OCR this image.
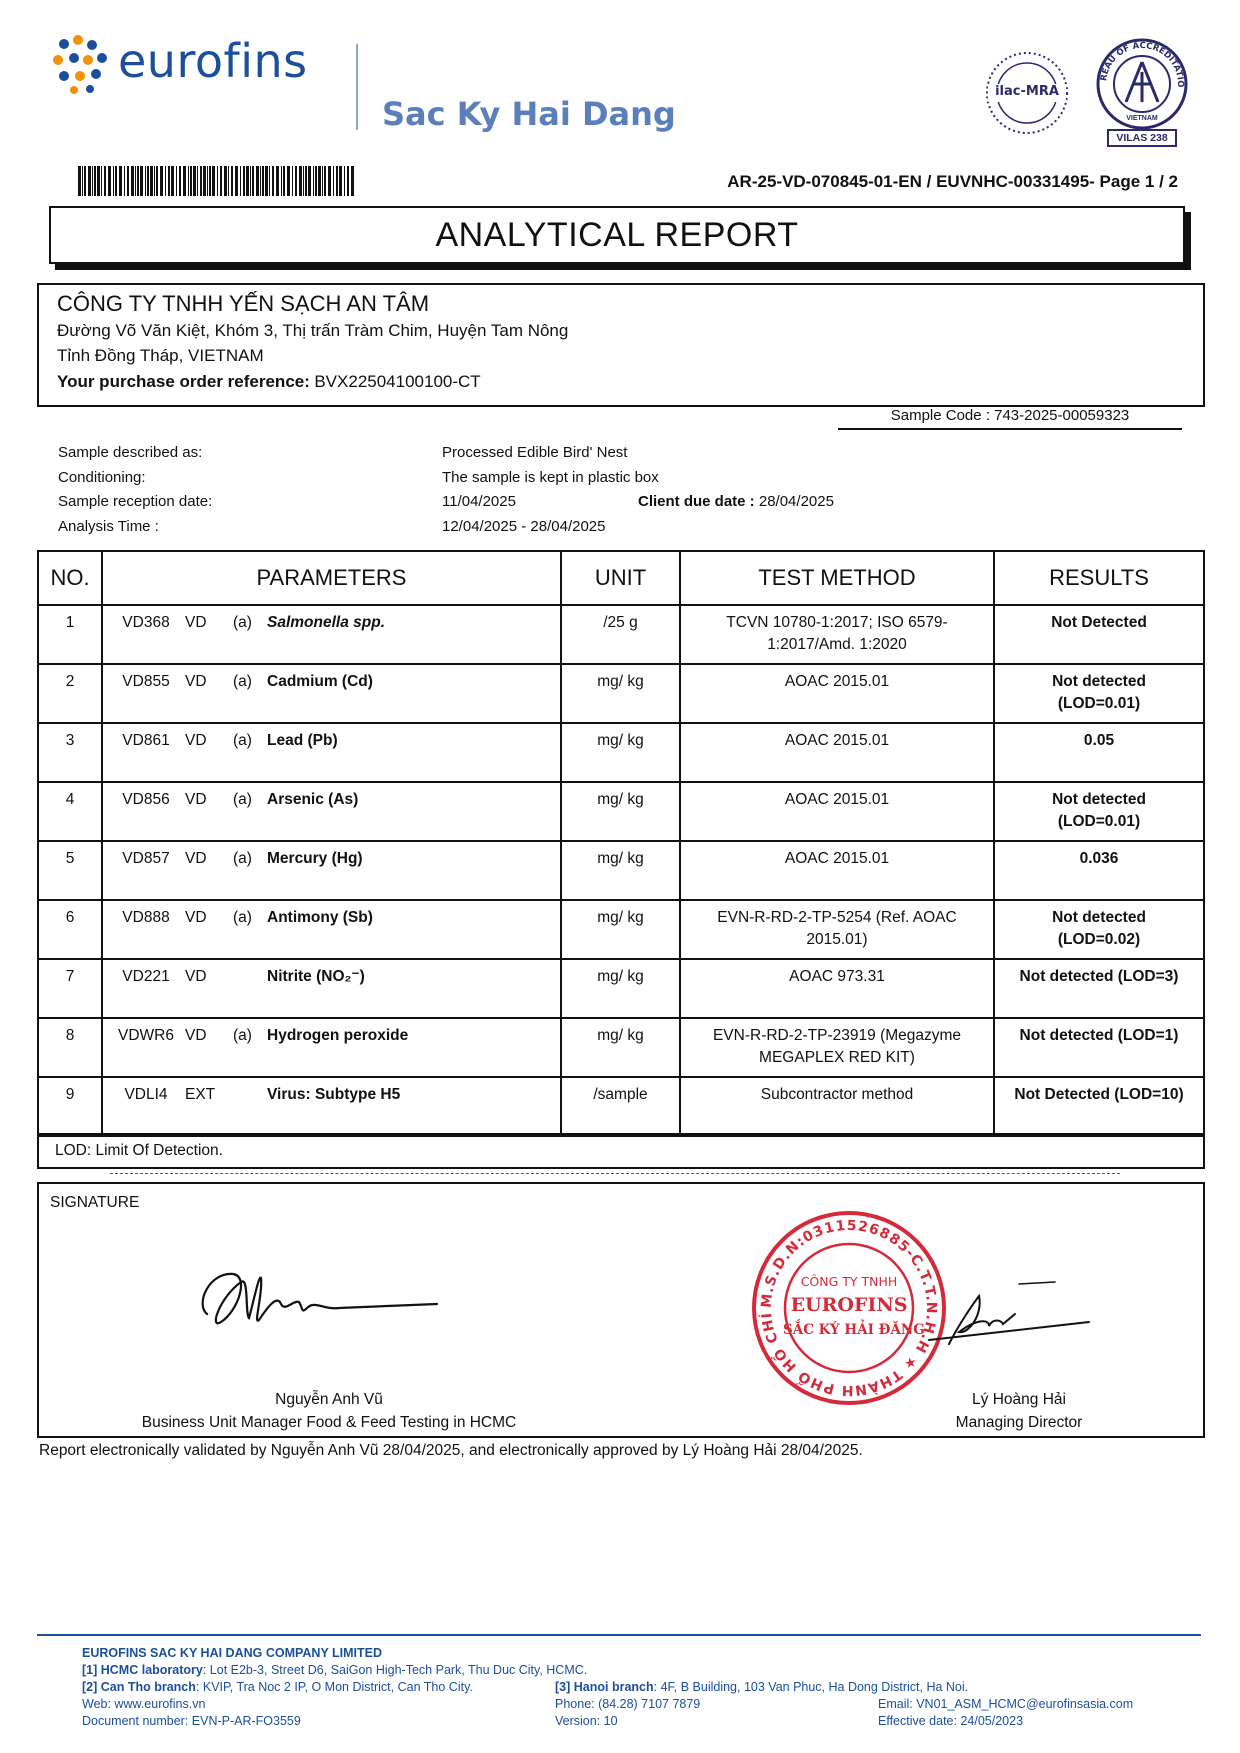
eurofins
Sac Ky Hai Dang
ilac-MRA
REAU OF ACCREDITATIO
VIETNAM
VILAS 238
AR-25-VD-070845-01-EN / EUVNHC-00331495- Page 1 / 2
ANALYTICAL REPORT
CÔNG TY TNHH YẾN SẠCH AN TÂM
Đường Võ Văn Kiệt, Khóm 3, Thị trấn Tràm Chim, Huyện Tam Nông
Tỉnh Đồng Tháp, VIETNAM
Your purchase order reference: BVX22504100100-CT
Sample Code : 743-2025-00059323
Sample described as:	Processed Edible Bird' Nest
Conditioning:	The sample is kept in plastic box
Sample reception date:	11/04/2025	Client due date : 28/04/2025
Analysis Time :	12/04/2025 - 28/04/2025
NO.	PARAMETERS	UNIT	TEST METHOD	RESULTS

1	VD368 VD (a) Salmonella spp.	/25 g	TCVN 10780-1:2017; ISO 6579-1:2017/Amd. 1:2020	Not Detected

2	VD855 VD (a) Cadmium (Cd)	mg/ kg	AOAC 2015.01	Not detected (LOD=0.01)

3	VD861 VD (a) Lead (Pb)	mg/ kg	AOAC 2015.01	0.05

4	VD856 VD (a) Arsenic (As)	mg/ kg	AOAC 2015.01	Not detected (LOD=0.01)

5	VD857 VD (a) Mercury (Hg)	mg/ kg	AOAC 2015.01	0.036

6	VD888 VD (a) Antimony (Sb)	mg/ kg	EVN-R-RD-2-TP-5254 (Ref. AOAC 2015.01)	Not detected (LOD=0.02)

7	VD221 VD Nitrite (NO₂⁻)	mg/ kg	AOAC 973.31	Not detected (LOD=3)

8	VDWR6 VD (a) Hydrogen peroxide	mg/ kg	EVN-R-RD-2-TP-23919 (Megazyme MEGAPLEX RED KIT)	Not detected (LOD=1)

9	VDLI4 EXT Virus: Subtype H5	/sample	Subcontractor method	Not Detected (LOD=10)
LOD: Limit Of Detection.
SIGNATURE
Nguyễn Anh Vũ
Business Unit Manager Food & Feed Testing in HCMC
M.S.D.N:0311526885-C.T.T.N.H.H ★ THÀNH PHỐ HỒ CHÍ
CÔNG TY TNHH
EUROFINS
SẮC KÝ HẢI ĐĂNG
Lý Hoàng Hải
Managing Director
Report electronically validated by Nguyễn Anh Vũ 28/04/2025, and electronically approved by Lý Hoàng Hải 28/04/2025.
EUROFINS SAC KY HAI DANG COMPANY LIMITED
[1] HCMC laboratory: Lot E2b-3, Street D6, SaiGon High-Tech Park, Thu Duc City, HCMC.
[2] Can Tho branch: KVIP, Tra Noc 2 IP, O Mon District, Can Tho City.	[3] Hanoi branch: 4F, B Building, 103 Van Phuc, Ha Dong District, Ha Noi.
Web: www.eurofins.vn	Phone: (84.28) 7107 7879	Email: VN01_ASM_HCMC@eurofinsasia.com
Document number: EVN-P-AR-FO3559	Version: 10	Effective date: 24/05/2023
